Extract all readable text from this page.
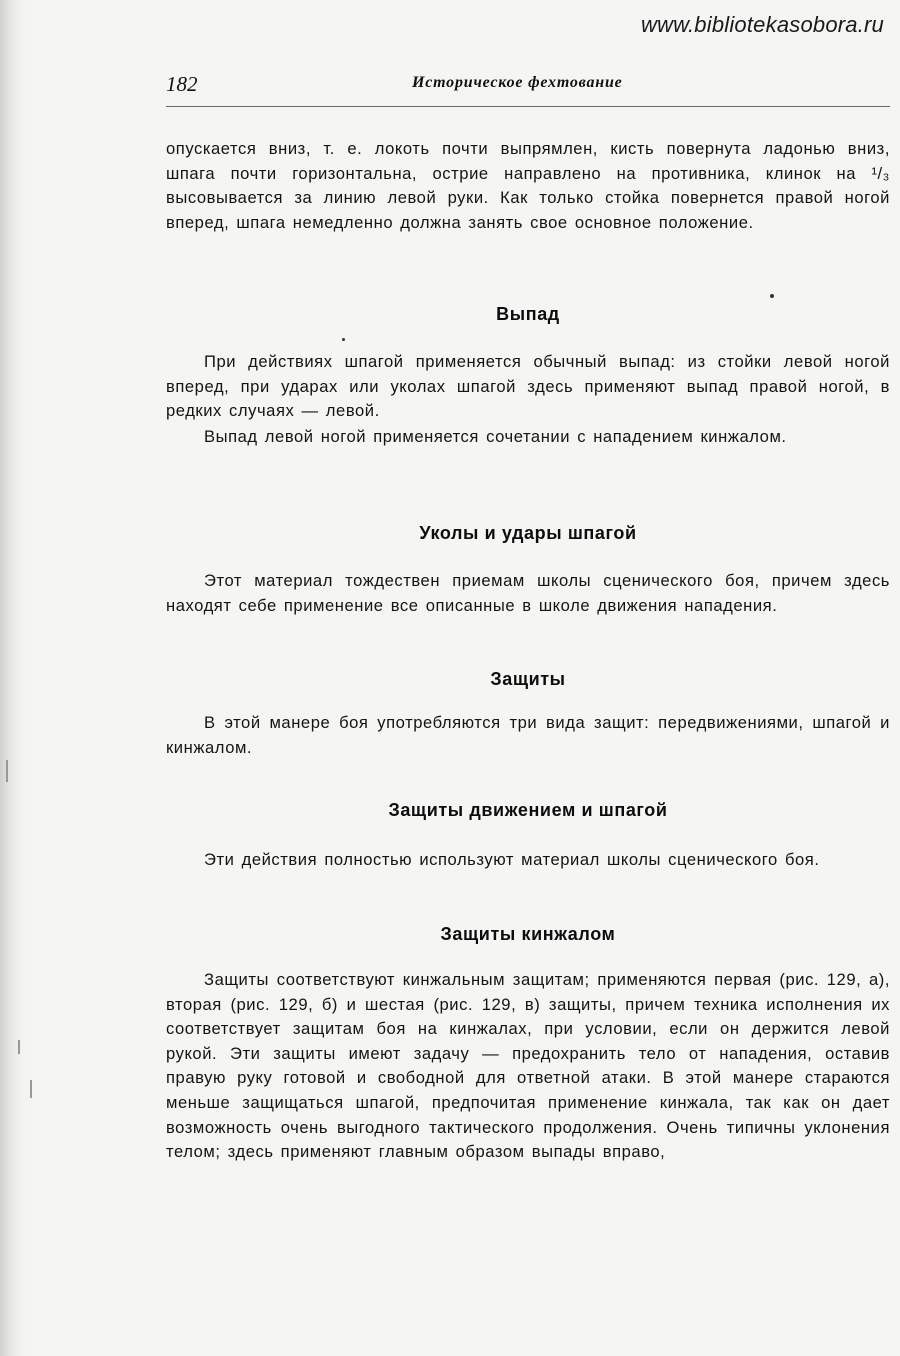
www.bibliotekasobora.ru
182	Историческое фехтование

опускается вниз, т. е. локоть почти выпрямлен, кисть повернута ладонью вниз, шпага почти горизонтальна, острие направлено на противника, клинок на ¹/₃ высовывается за линию левой руки. Как только стойка повернется правой ногой вперед, шпага немедленно должна занять свое основное положение.

Выпад

При действиях шпагой применяется обычный выпад: из стойки левой ногой вперед, при ударах или уколах шпагой здесь применяют выпад правой ногой, в редких случаях — левой.

Выпад левой ногой применяется сочетании с нападением кинжалом.

Уколы и удары шпагой

Этот материал тождествен приемам школы сценического боя, причем здесь находят себе применение все описанные в школе движения нападения.

Защиты

В этой манере боя употребляются три вида защит: передвижениями, шпагой и кинжалом.

Защиты движением и шпагой

Эти действия полностью используют материал школы сценического боя.

Защиты кинжалом

Защиты соответствуют кинжальным защитам; применяются первая (рис. 129, а), вторая (рис. 129, б) и шестая (рис. 129, в) защиты, причем техника исполнения их соответствует защитам боя на кинжалах, при условии, если он держится левой рукой. Эти защиты имеют задачу — предохранить тело от нападения, оставив правую руку готовой и свободной для ответной атаки. В этой манере стараются меньше защищаться шпагой, предпочитая применение кинжала, так как он дает возможность очень выгодного тактического продолжения. Очень типичны уклонения телом; здесь применяют главным образом выпады вправо,
